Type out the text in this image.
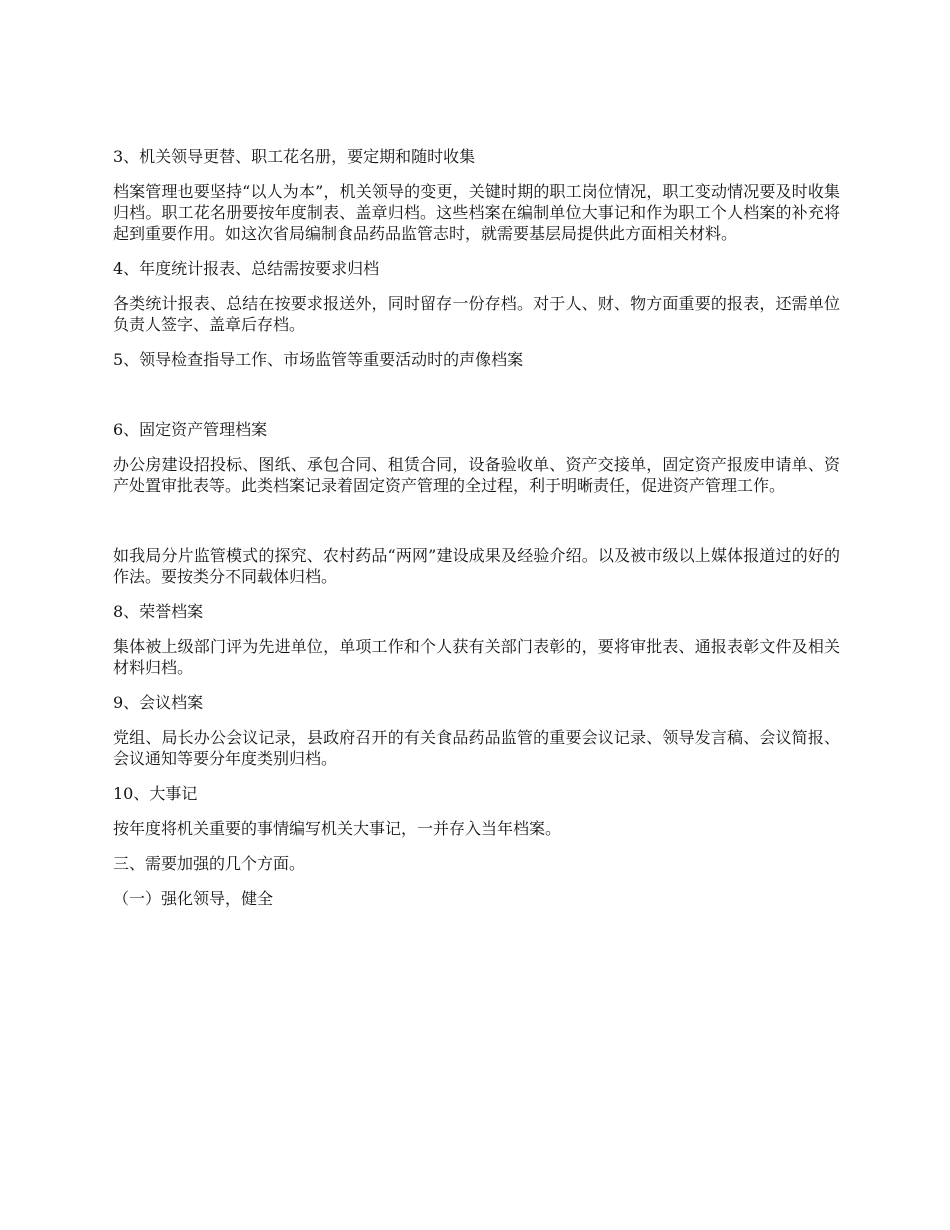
3、机关领导更替、职工花名册，要定期和随时收集

档案管理也要坚持“以人为本”，机关领导的变更，关键时期的职工岗位情况，职工变动情况要及时收集归档。职工花名册要按年度制表、盖章归档。这些档案在编制单位大事记和作为职工个人档案的补充将起到重要作用。如这次省局编制食品药品监管志时，就需要基层局提供此方面相关材料。

4、年度统计报表、总结需按要求归档

各类统计报表、总结在按要求报送外，同时留存一份存档。对于人、财、物方面重要的报表，还需单位负责人签字、盖章后存档。

5、领导检查指导工作、市场监管等重要活动时的声像档案

6、固定资产管理档案

办公房建设招投标、图纸、承包合同、租赁合同，设备验收单、资产交接单，固定资产报废申请单、资产处置审批表等。此类档案记录着固定资产管理的全过程，利于明晰责任，促进资产管理工作。

如我局分片监管模式的探究、农村药品“两网”建设成果及经验介绍。以及被市级以上媒体报道过的好的作法。要按类分不同载体归档。

8、荣誉档案

集体被上级部门评为先进单位，单项工作和个人获有关部门表彰的，要将审批表、通报表彰文件及相关材料归档。

9、会议档案

党组、局长办公会议记录，县政府召开的有关食品药品监管的重要会议记录、领导发言稿、会议简报、会议通知等要分年度类别归档。

10、大事记

按年度将机关重要的事情编写机关大事记，一并存入当年档案。

三、需要加强的几个方面。

（一）强化领导，健全
